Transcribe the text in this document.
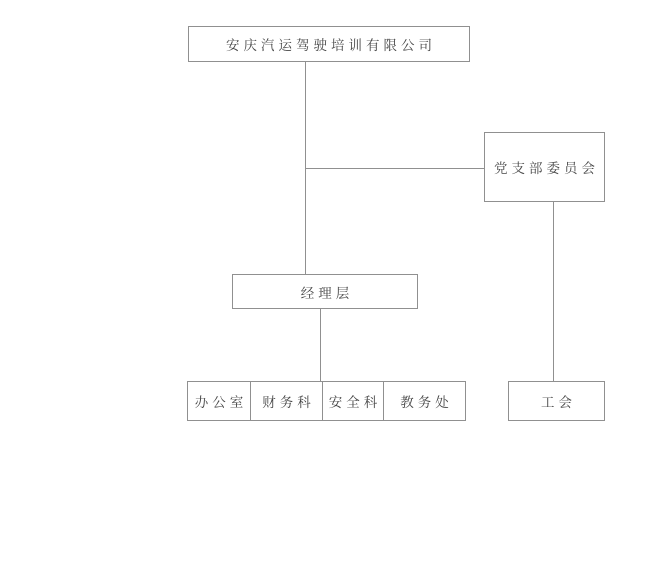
安庆汽运驾驶培训有限公司
党支部委员会
经理层
办公室 财务科 安全科 教务处	工会
